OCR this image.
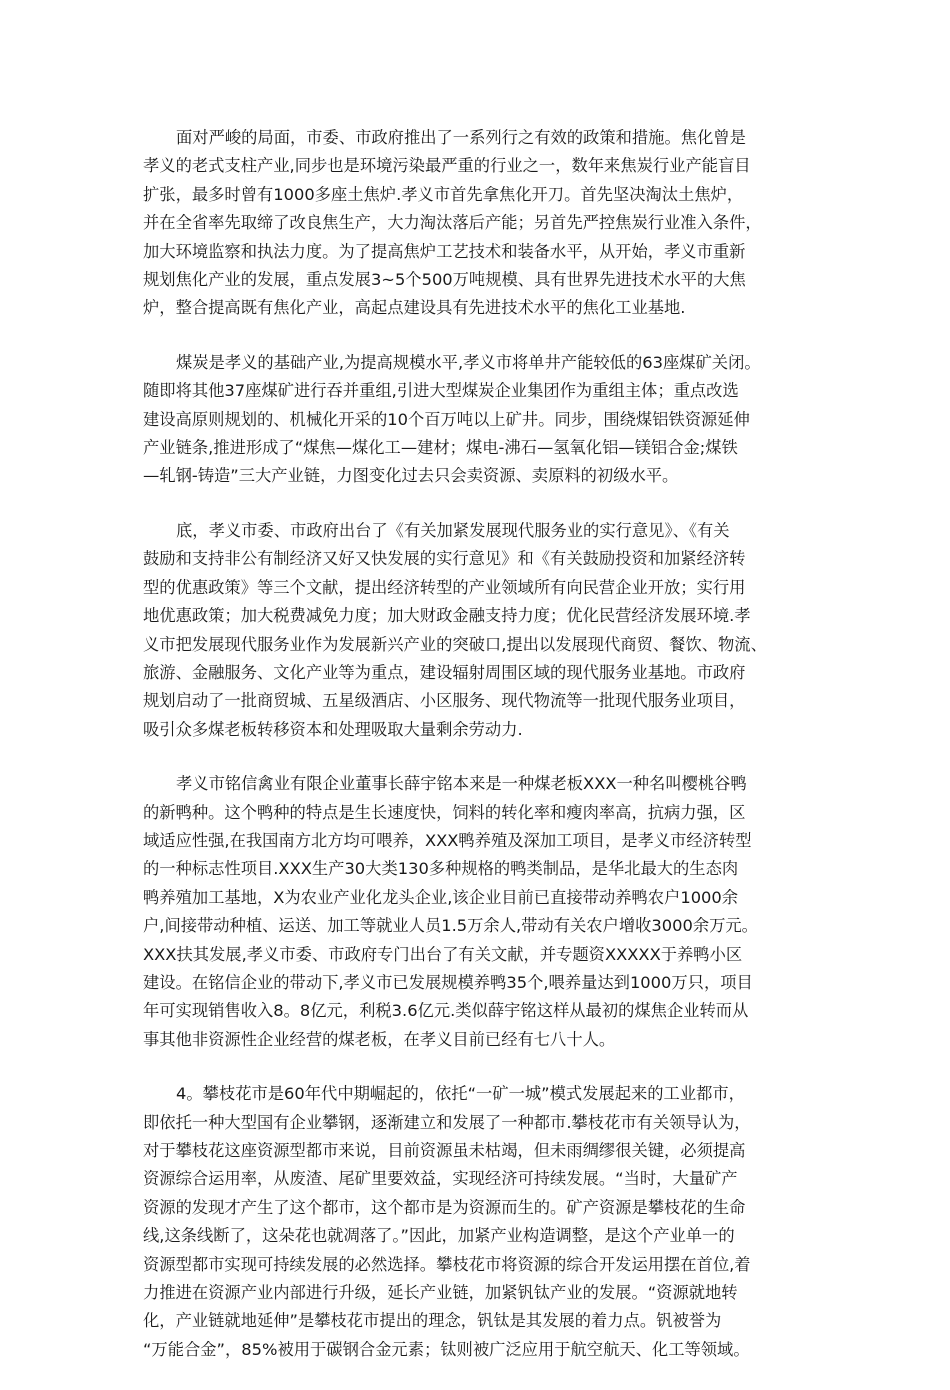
面对严峻的局面，市委、市政府推出了一系列行之有效的政策和措施。焦化曾是
孝义的老式支柱产业,同步也是环境污染最严重的行业之一，数年来焦炭行业产能盲目
扩张，最多时曾有1000多座土焦炉.孝义市首先拿焦化开刀。首先坚决淘汰土焦炉，
并在全省率先取缔了改良焦生产，大力淘汰落后产能；另首先严控焦炭行业准入条件，
加大环境监察和执法力度。为了提高焦炉工艺技术和装备水平，从开始，孝义市重新
规划焦化产业的发展，重点发展3~5个500万吨规模、具有世界先进技术水平的大焦
炉，整合提高既有焦化产业，高起点建设具有先进技术水平的焦化工业基地.

煤炭是孝义的基础产业,为提高规模水平,孝义市将单井产能较低的63座煤矿关闭。
随即将其他37座煤矿进行吞并重组,引进大型煤炭企业集团作为重组主体；重点改选
建设高原则规划的、机械化开采的10个百万吨以上矿井。同步，围绕煤铝铁资源延伸
产业链条,推进形成了“煤焦—煤化工—建材；煤电-沸石—氢氧化铝—镁铝合金;煤铁
—轧钢-铸造”三大产业链，力图变化过去只会卖资源、卖原料的初级水平。

底，孝义市委、市政府出台了《有关加紧发展现代服务业的实行意见》、《有关
鼓励和支持非公有制经济又好又快发展的实行意见》和《有关鼓励投资和加紧经济转
型的优惠政策》等三个文献，提出经济转型的产业领域所有向民营企业开放；实行用
地优惠政策；加大税费减免力度；加大财政金融支持力度；优化民营经济发展环境.孝
义市把发展现代服务业作为发展新兴产业的突破口,提出以发展现代商贸、餐饮、物流、
旅游、金融服务、文化产业等为重点，建设辐射周围区域的现代服务业基地。市政府
规划启动了一批商贸城、五星级酒店、小区服务、现代物流等一批现代服务业项目，
吸引众多煤老板转移资本和处理吸取大量剩余劳动力.

孝义市铭信禽业有限企业董事长薛宇铭本来是一种煤老板XXX一种名叫樱桃谷鸭
的新鸭种。这个鸭种的特点是生长速度快，饲料的转化率和瘦肉率高，抗病力强，区
域适应性强,在我国南方北方均可喂养，XXX鸭养殖及深加工项目，是孝义市经济转型
的一种标志性项目.XXX生产30大类130多种规格的鸭类制品，是华北最大的生态肉
鸭养殖加工基地，X为农业产业化龙头企业,该企业目前已直接带动养鸭农户1000余
户,间接带动种植、运送、加工等就业人员1.5万余人,带动有关农户增收3000余万元。
XXX扶其发展,孝义市委、市政府专门出台了有关文献，并专题资XXXXX于养鸭小区
建设。在铭信企业的带动下,孝义市已发展规模养鸭35个,喂养量达到1000万只，项目
年可实现销售收入8。8亿元，利税3.6亿元.类似薛宇铭这样从最初的煤焦企业转而从
事其他非资源性企业经营的煤老板，在孝义目前已经有七八十人。

4。攀枝花市是60年代中期崛起的，依托“一矿一城”模式发展起来的工业都市，
即依托一种大型国有企业攀钢，逐渐建立和发展了一种都市.攀枝花市有关领导认为，
对于攀枝花这座资源型都市来说，目前资源虽未枯竭，但未雨绸缪很关键，必须提高
资源综合运用率，从废渣、尾矿里要效益，实现经济可持续发展。“当时，大量矿产
资源的发现才产生了这个都市，这个都市是为资源而生的。矿产资源是攀枝花的生命
线,这条线断了，这朵花也就凋落了。”因此，加紧产业构造调整，是这个产业单一的
资源型都市实现可持续发展的必然选择。攀枝花市将资源的综合开发运用摆在首位,着
力推进在资源产业内部进行升级，延长产业链，加紧钒钛产业的发展。“资源就地转
化，产业链就地延伸”是攀枝花市提出的理念，钒钛是其发展的着力点。钒被誉为
“万能合金”，85%被用于碳钢合金元素；钛则被广泛应用于航空航天、化工等领域。
